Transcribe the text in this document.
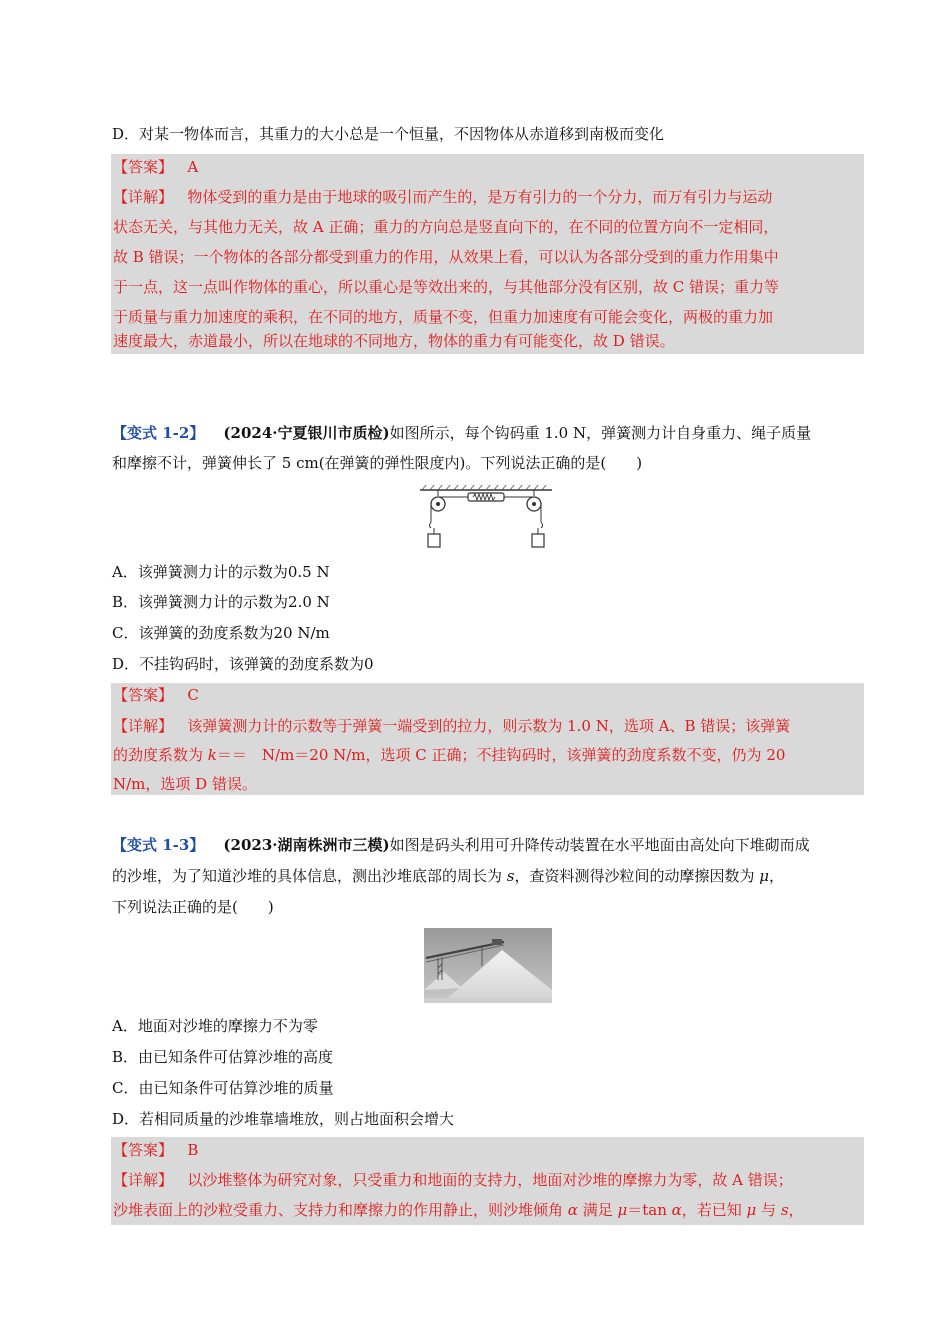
D．对某一物体而言，其重力的大小总是一个恒量，不因物体从赤道移到南极而变化
【答案】 A
【详解】 物体受到的重力是由于地球的吸引而产生的，是万有引力的一个分力，而万有引力与运动
状态无关，与其他力无关，故 A 正确；重力的方向总是竖直向下的，在不同的位置方向不一定相同，
故 B 错误；一个物体的各部分都受到重力的作用，从效果上看，可以认为各部分受到的重力作用集中
于一点，这一点叫作物体的重心，所以重心是等效出来的，与其他部分没有区别，故 C 错误；重力等
于质量与重力加速度的乘积，在不同的地方，质量不变，但重力加速度有可能会变化，两极的重力加
速度最大，赤道最小，所以在地球的不同地方，物体的重力有可能变化，故 D 错误。
【变式 1-2】 (2024·宁夏银川市质检)如图所示，每个钩码重 1.0 N，弹簧测力计自身重力、绳子质量
和摩擦不计，弹簧伸长了 5 cm(在弹簧的弹性限度内)。下列说法正确的是(　　)
A．该弹簧测力计的示数为0.5 N
B．该弹簧测力计的示数为2.0 N
C．该弹簧的劲度系数为20 N/m
D．不挂钩码时，该弹簧的劲度系数为0
【答案】 C
【详解】 该弹簧测力计的示数等于弹簧一端受到的拉力，则示数为 1.0 N，选项 A、B 错误；该弹簧
的劲度系数为 k＝＝　N/m＝20 N/m，选项 C 正确；不挂钩码时，该弹簧的劲度系数不变，仍为 20
N/m，选项 D 错误。
【变式 1-3】 (2023·湖南株洲市三模)如图是码头利用可升降传动装置在水平地面由高处向下堆砌而成
的沙堆，为了知道沙堆的具体信息，测出沙堆底部的周长为 s，查资料测得沙粒间的动摩擦因数为 μ，
下列说法正确的是(　　)
A．地面对沙堆的摩擦力不为零
B．由已知条件可估算沙堆的高度
C．由已知条件可估算沙堆的质量
D．若相同质量的沙堆靠墙堆放，则占地面积会增大
【答案】 B
【详解】 以沙堆整体为研究对象，只受重力和地面的支持力，地面对沙堆的摩擦力为零，故 A 错误；
沙堆表面上的沙粒受重力、支持力和摩擦力的作用静止，则沙堆倾角 α 满足 μ＝tan α，若已知 μ 与 s，
